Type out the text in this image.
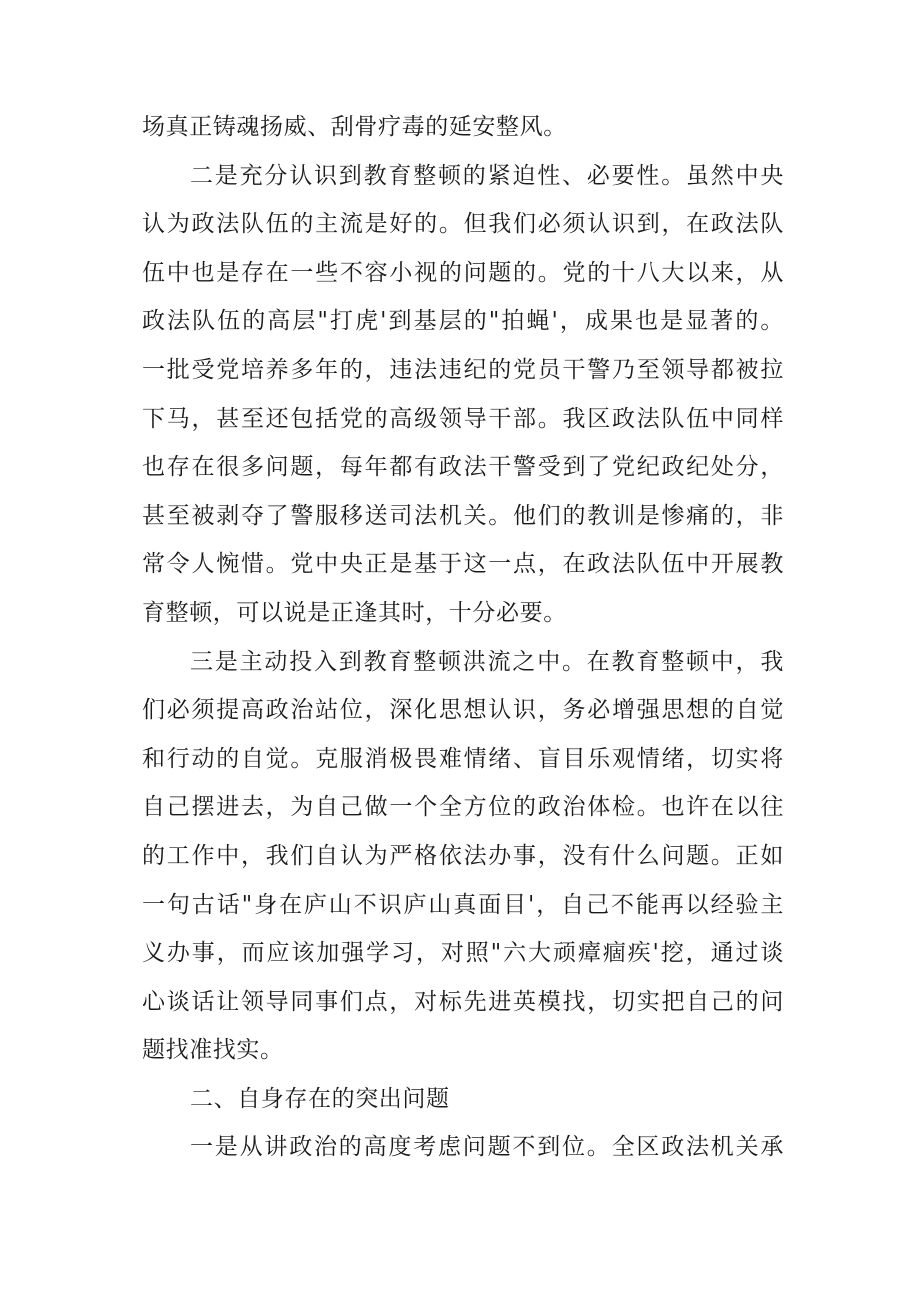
场真正铸魂扬威、刮骨疗毒的延安整风。
二是充分认识到教育整顿的紧迫性、必要性。虽然中央
认为政法队伍的主流是好的。但我们必须认识到，在政法队
伍中也是存在一些不容小视的问题的。党的十八大以来，从
政法队伍的高层"打虎'到基层的"拍蝇'，成果也是显著的。
一批受党培养多年的，违法违纪的党员干警乃至领导都被拉
下马，甚至还包括党的高级领导干部。我区政法队伍中同样
也存在很多问题，每年都有政法干警受到了党纪政纪处分，
甚至被剥夺了警服移送司法机关。他们的教训是惨痛的，非
常令人惋惜。党中央正是基于这一点，在政法队伍中开展教
育整顿，可以说是正逢其时，十分必要。
三是主动投入到教育整顿洪流之中。在教育整顿中，我
们必须提高政治站位，深化思想认识，务必增强思想的自觉
和行动的自觉。克服消极畏难情绪、盲目乐观情绪，切实将
自己摆进去，为自己做一个全方位的政治体检。也许在以往
的工作中，我们自认为严格依法办事，没有什么问题。正如
一句古话"身在庐山不识庐山真面目'，自己不能再以经验主
义办事，而应该加强学习，对照"六大顽瘴痼疾'挖，通过谈
心谈话让领导同事们点，对标先进英模找，切实把自己的问
题找准找实。
二、自身存在的突出问题
一是从讲政治的高度考虑问题不到位。全区政法机关承
